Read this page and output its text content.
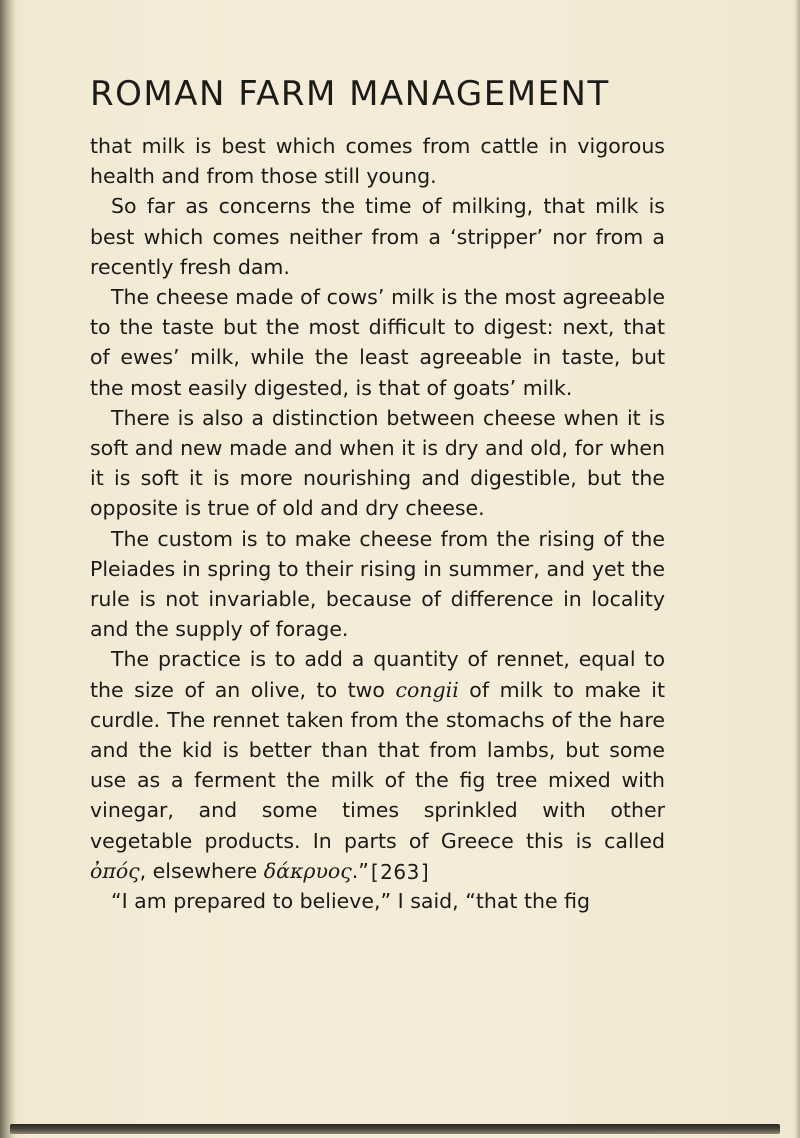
ROMAN FARM MANAGEMENT

that milk is best which comes from cattle in vigorous health and from those still young.

So far as concerns the time of milking, that milk is best which comes neither from a ‘stripper’ nor from a recently fresh dam.

The cheese made of cows’ milk is the most agreeable to the taste but the most difficult to digest: next, that of ewes’ milk, while the least agreeable in taste, but the most easily digested, is that of goats’ milk.

There is also a distinction between cheese when it is soft and new made and when it is dry and old, for when it is soft it is more nourishing and digestible, but the opposite is true of old and dry cheese.

The custom is to make cheese from the rising of the Pleiades in spring to their rising in summer, and yet the rule is not invariable, because of difference in locality and the supply of forage.

The practice is to add a quantity of rennet, equal to the size of an olive, to two congii of milk to make it curdle. The rennet taken from the stomachs of the hare and the kid is better than that from lambs, but some use as a ferment the milk of the fig tree mixed with vinegar, and some times sprinkled with other vegetable products. In parts of Greece this is called ὀπός, elsewhere δάκρυος.”

“I am prepared to believe,” I said, “that the fig

[263]
